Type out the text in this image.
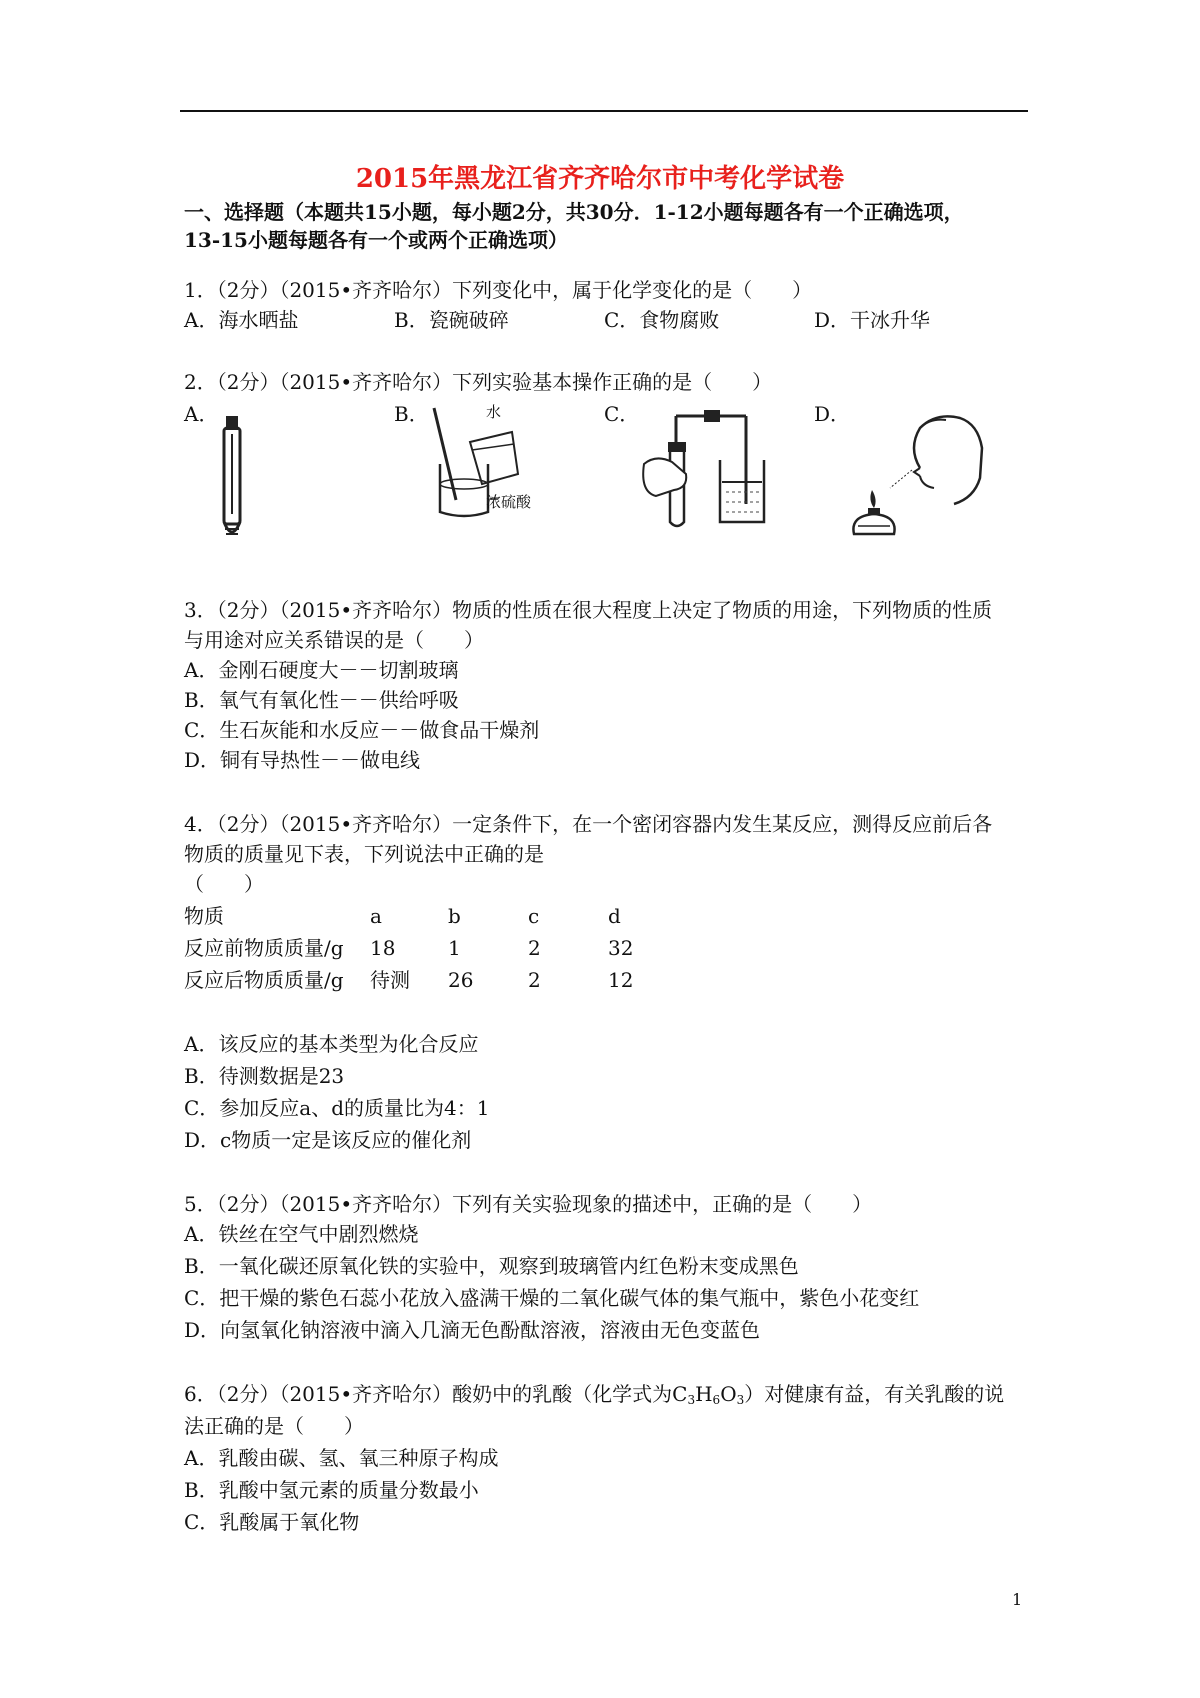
2015年黑龙江省齐齐哈尔市中考化学试卷
一、选择题（本题共15小题，每小题2分，共30分．1-12小题每题各有一个正确选项，
13-15小题每题各有一个或两个正确选项）
1．（2分）（2015•齐齐哈尔）下列变化中，属于化学变化的是（　　）
A．海水晒盐	B．瓷碗破碎	C．食物腐败	D．干冰升华
2．（2分）（2015•齐齐哈尔）下列实验基本操作正确的是（　　）
A．	B．	C．	D．
水
浓硫酸
3．（2分）（2015•齐齐哈尔）物质的性质在很大程度上决定了物质的用途，下列物质的性质
与用途对应关系错误的是（　　）
A．金刚石硬度大－－切割玻璃
B．氧气有氧化性－－供给呼吸
C．生石灰能和水反应－－做食品干燥剂
D．铜有导热性－－做电线
4．（2分）（2015•齐齐哈尔）一定条件下，在一个密闭容器内发生某反应，测得反应前后各
物质的质量见下表，下列说法中正确的是
（　　）
物质	a	b	c	d
反应前物质质量/g 18	1	2	32
反应后物质质量/g 待测 26	2	12
A．该反应的基本类型为化合反应
B．待测数据是23
C．参加反应a、d的质量比为4：1
D．c物质一定是该反应的催化剂
5．（2分）（2015•齐齐哈尔）下列有关实验现象的描述中，正确的是（　　）
A．铁丝在空气中剧烈燃烧
B．一氧化碳还原氧化铁的实验中，观察到玻璃管内红色粉末变成黑色
C．把干燥的紫色石蕊小花放入盛满干燥的二氧化碳气体的集气瓶中，紫色小花变红
D．向氢氧化钠溶液中滴入几滴无色酚酞溶液，溶液由无色变蓝色
6．（2分）（2015•齐齐哈尔）酸奶中的乳酸（化学式为$C_3H_6O_3$）对健康有益，有关乳酸的说
法正确的是（　　）
A．乳酸由碳、氢、氧三种原子构成
B．乳酸中氢元素的质量分数最小
C．乳酸属于氧化物
1
